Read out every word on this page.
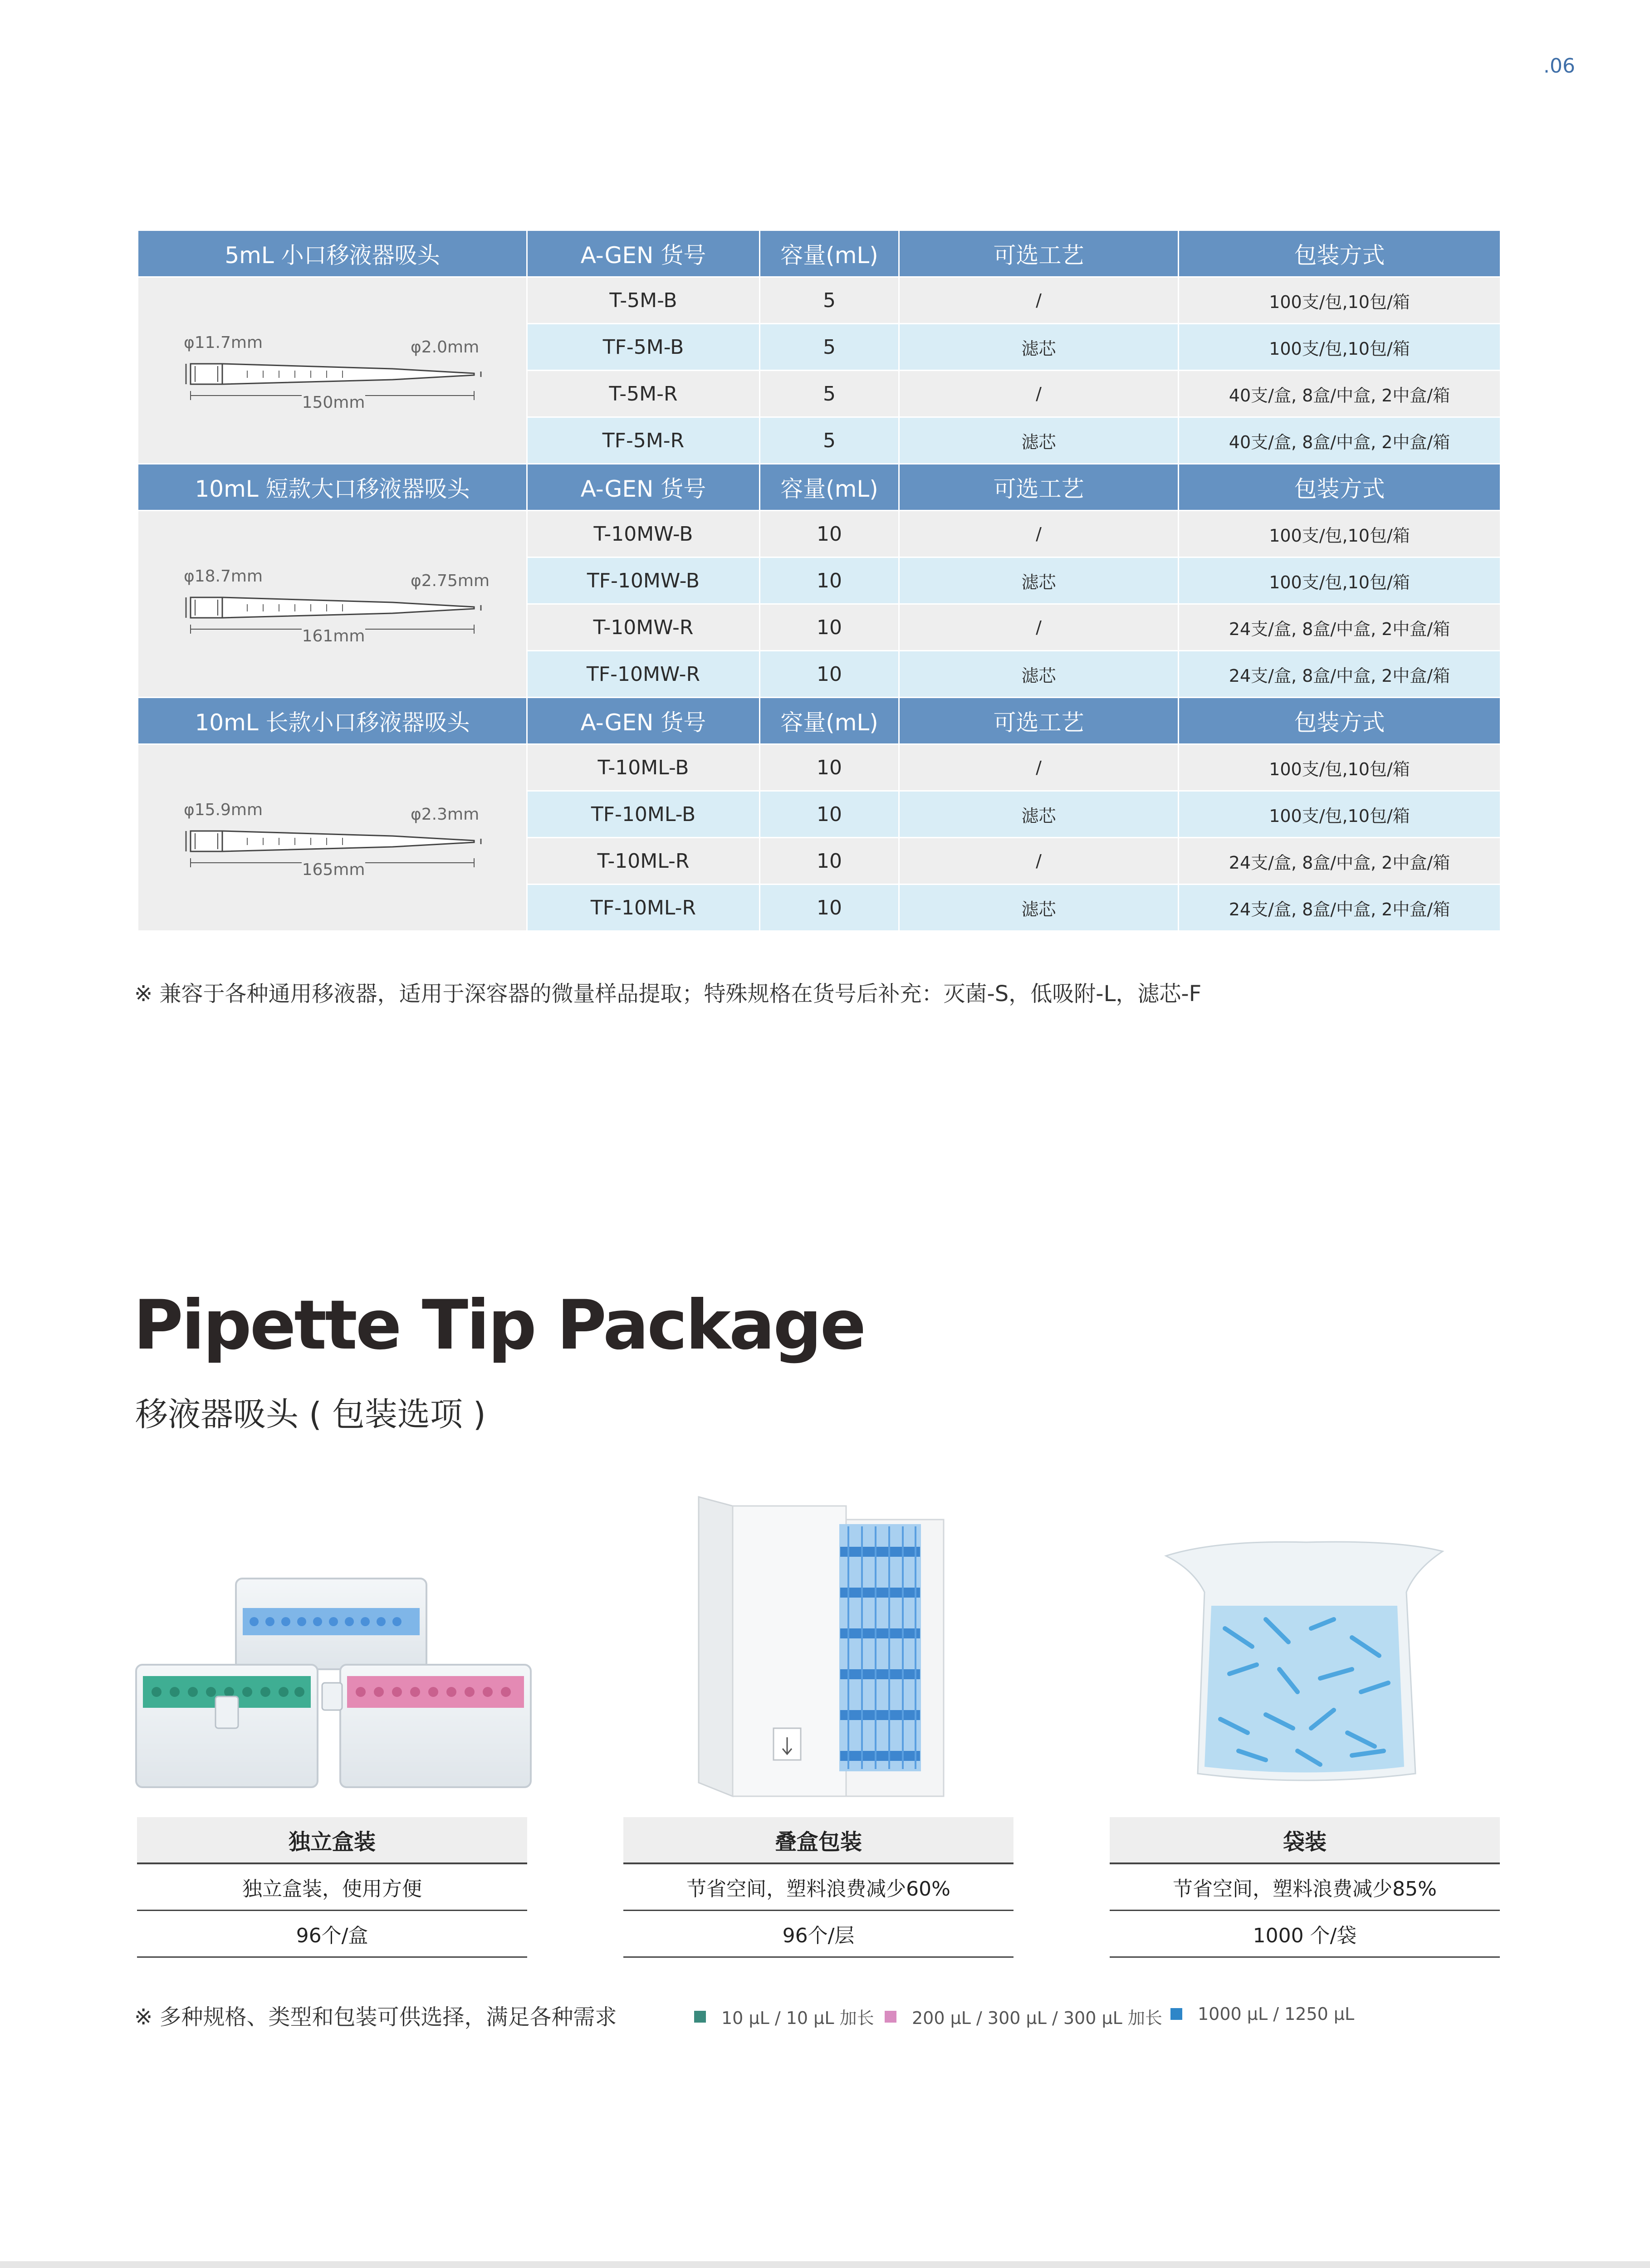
.06
5mL 小口移液器吸头	A-GEN 货号	容量(mL)	可选工艺	包装方式

φ11.7mm φ2.0mm
150mm	T-5M-B	5	/	100支/包,10包/箱
	TF-5M-B	5	滤芯	100支/包,10包/箱
	T-5M-R	5	/	40支/盒, 8盒/中盒, 2中盒/箱
	TF-5M-R	5	滤芯	40支/盒, 8盒/中盒, 2中盒/箱
10mL 短款大口移液器吸头	A-GEN 货号	容量(mL)	可选工艺	包装方式

φ18.7mm φ2.75mm
161mm	T-10MW-B	10	/	100支/包,10包/箱
	TF-10MW-B	10	滤芯	100支/包,10包/箱
	T-10MW-R	10	/	24支/盒, 8盒/中盒, 2中盒/箱
	TF-10MW-R	10	滤芯	24支/盒, 8盒/中盒, 2中盒/箱
10mL 长款小口移液器吸头	A-GEN 货号	容量(mL)	可选工艺	包装方式

φ15.9mm φ2.3mm
165mm	T-10ML-B	10	/	100支/包,10包/箱
	TF-10ML-B	10	滤芯	100支/包,10包/箱
	T-10ML-R	10	/	24支/盒, 8盒/中盒, 2中盒/箱
	TF-10ML-R	10	滤芯	24支/盒, 8盒/中盒, 2中盒/箱
※ 兼容于各种通用移液器，适用于深容器的微量样品提取；特殊规格在货号后补充：灭菌-S，低吸附-L，滤芯-F
Pipette Tip Package
移液器吸头 ( 包装选项 )
独立盒装
独立盒装，使用方便
96个/盒
叠盒包装
节省空间，塑料浪费减少60%
96个/层
袋装
节省空间，塑料浪费减少85%
1000 个/袋
※ 多种规格、类型和包装可供选择，满足各种需求	10 μL / 10 μL 加长 200 μL / 300 μL / 300 μL 加长 1000 μL / 1250 μL
